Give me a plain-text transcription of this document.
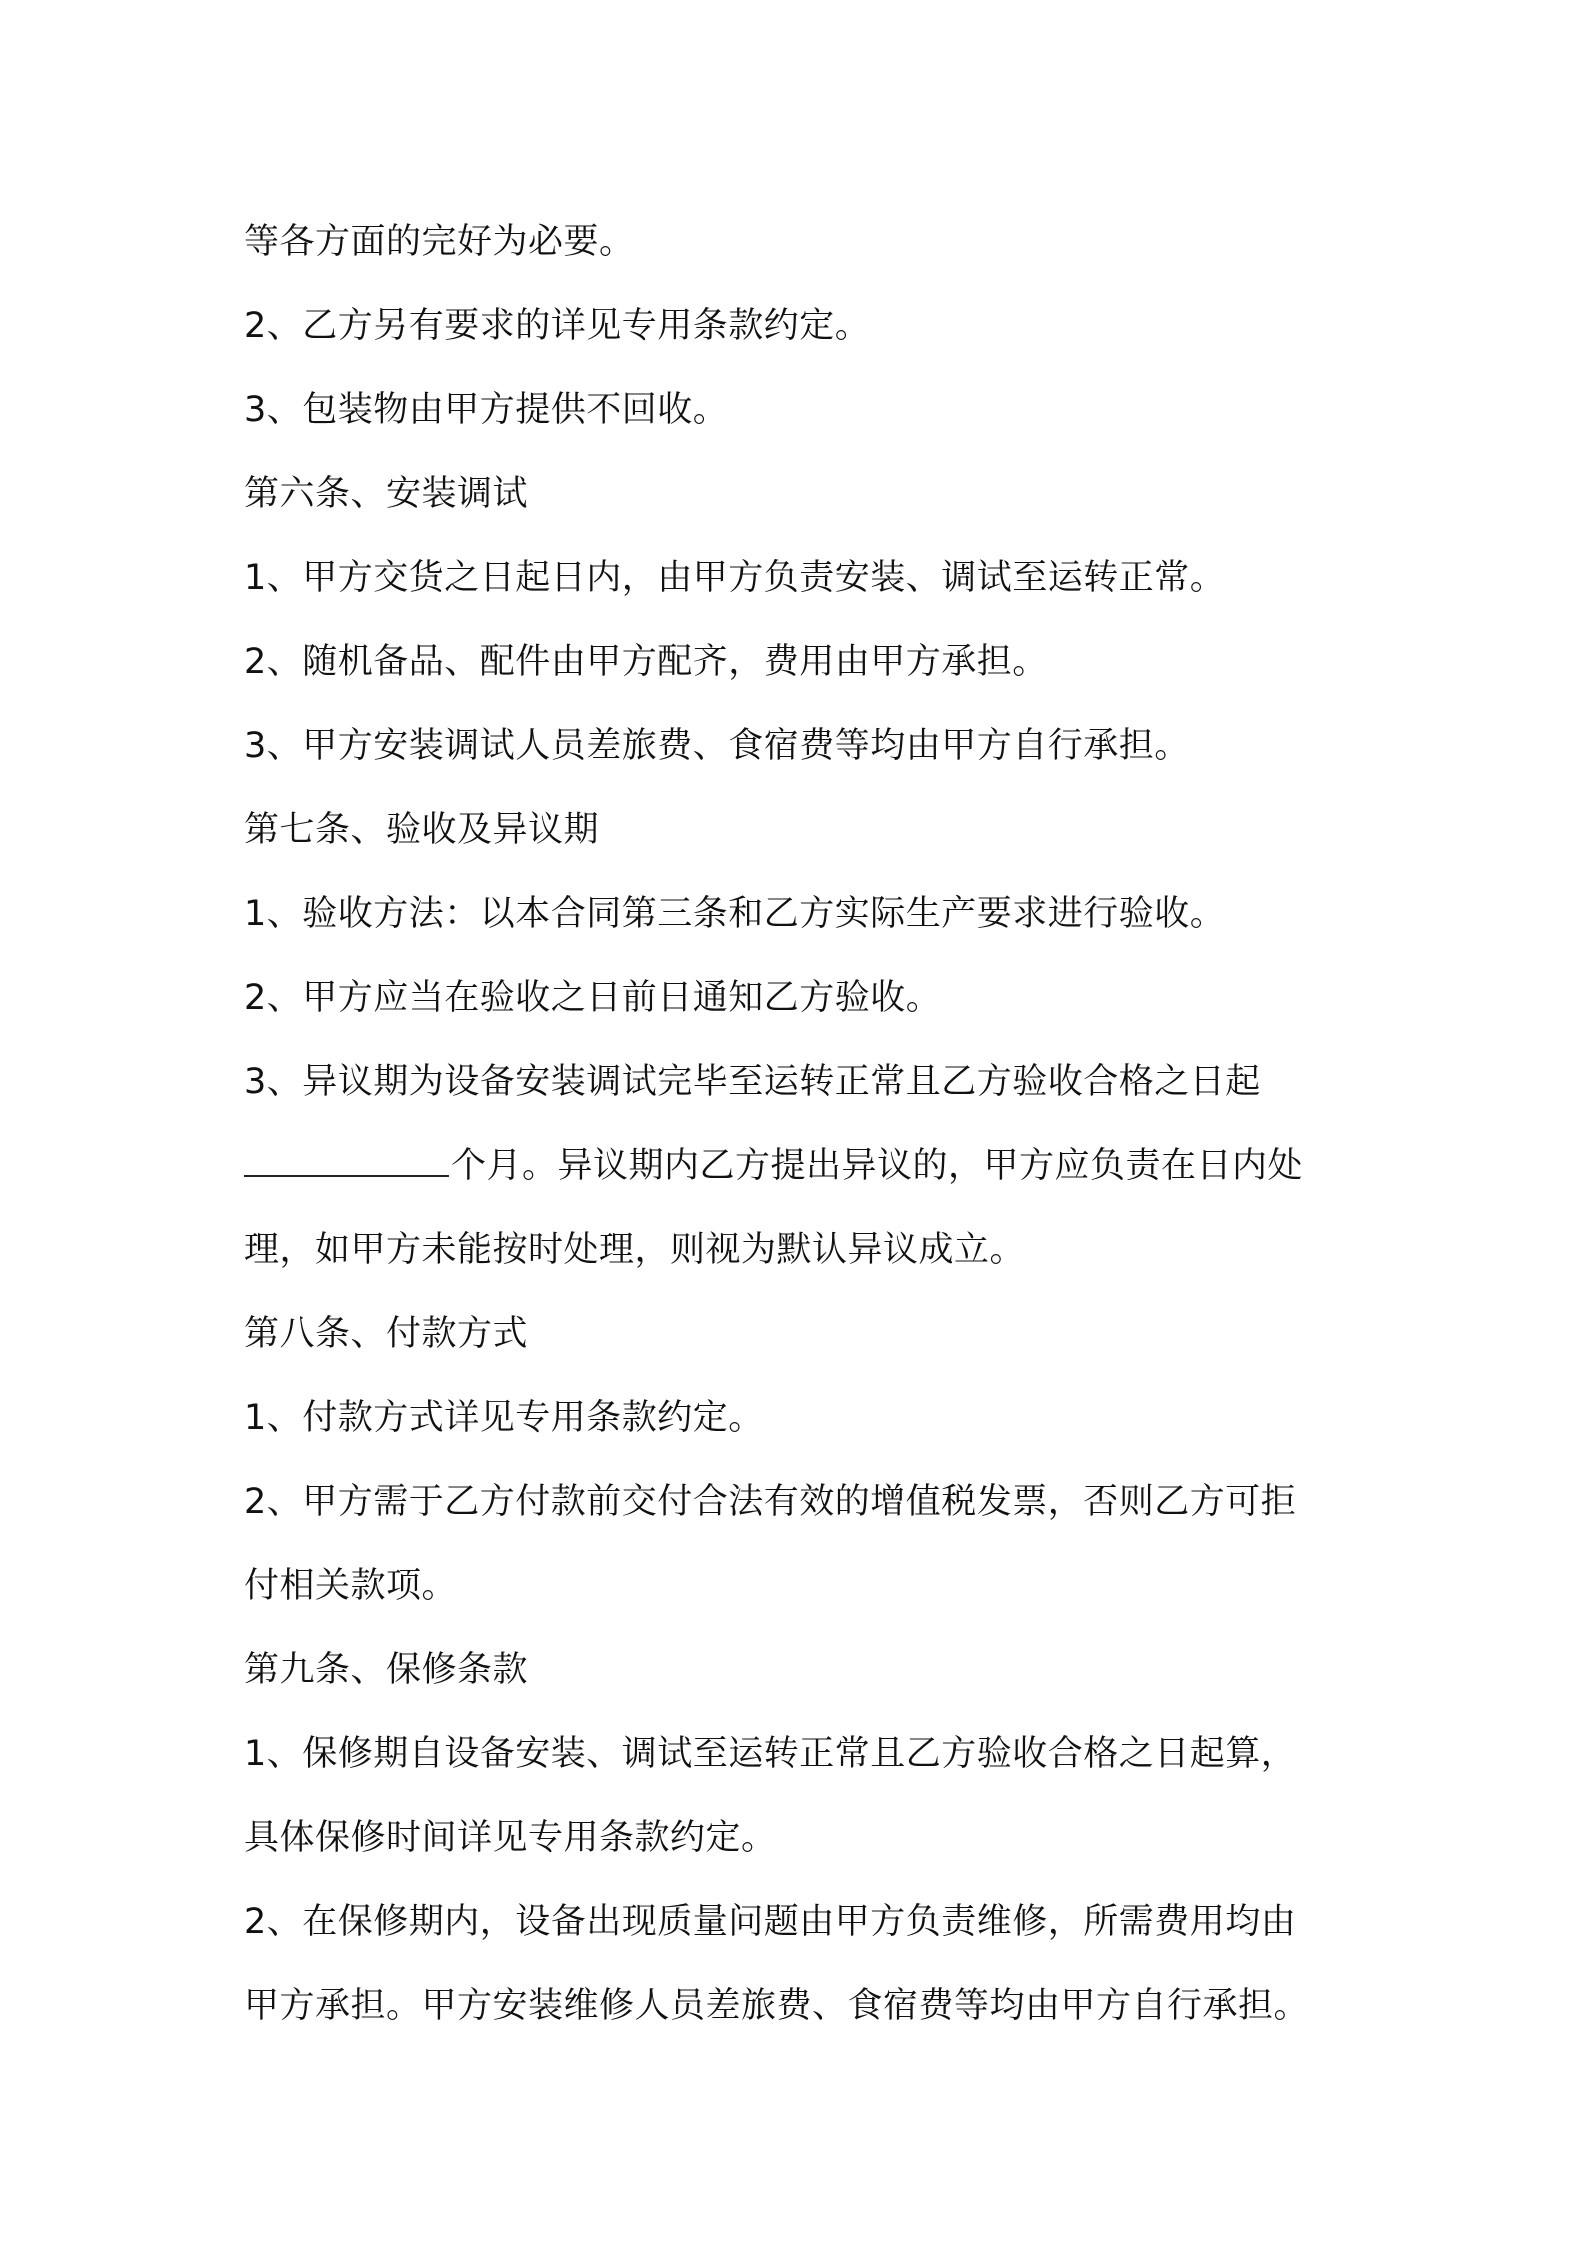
等各方面的完好为必要。
2、乙方另有要求的详见专用条款约定。
3、包装物由甲方提供不回收。
第六条、安装调试
1、甲方交货之日起日内，由甲方负责安装、调试至运转正常。
2、随机备品、配件由甲方配齐，费用由甲方承担。
3、甲方安装调试人员差旅费、食宿费等均由甲方自行承担。
第七条、验收及异议期
1、验收方法：以本合同第三条和乙方实际生产要求进行验收。
2、甲方应当在验收之日前日通知乙方验收。
3、异议期为设备安装调试完毕至运转正常且乙方验收合格之日起
个月。异议期内乙方提出异议的，甲方应负责在日内处
理，如甲方未能按时处理，则视为默认异议成立。
第八条、付款方式
1、付款方式详见专用条款约定。
2、甲方需于乙方付款前交付合法有效的增值税发票，否则乙方可拒
付相关款项。
第九条、保修条款
1、保修期自设备安装、调试至运转正常且乙方验收合格之日起算，
具体保修时间详见专用条款约定。
2、在保修期内，设备出现质量问题由甲方负责维修，所需费用均由
甲方承担。甲方安装维修人员差旅费、食宿费等均由甲方自行承担。
